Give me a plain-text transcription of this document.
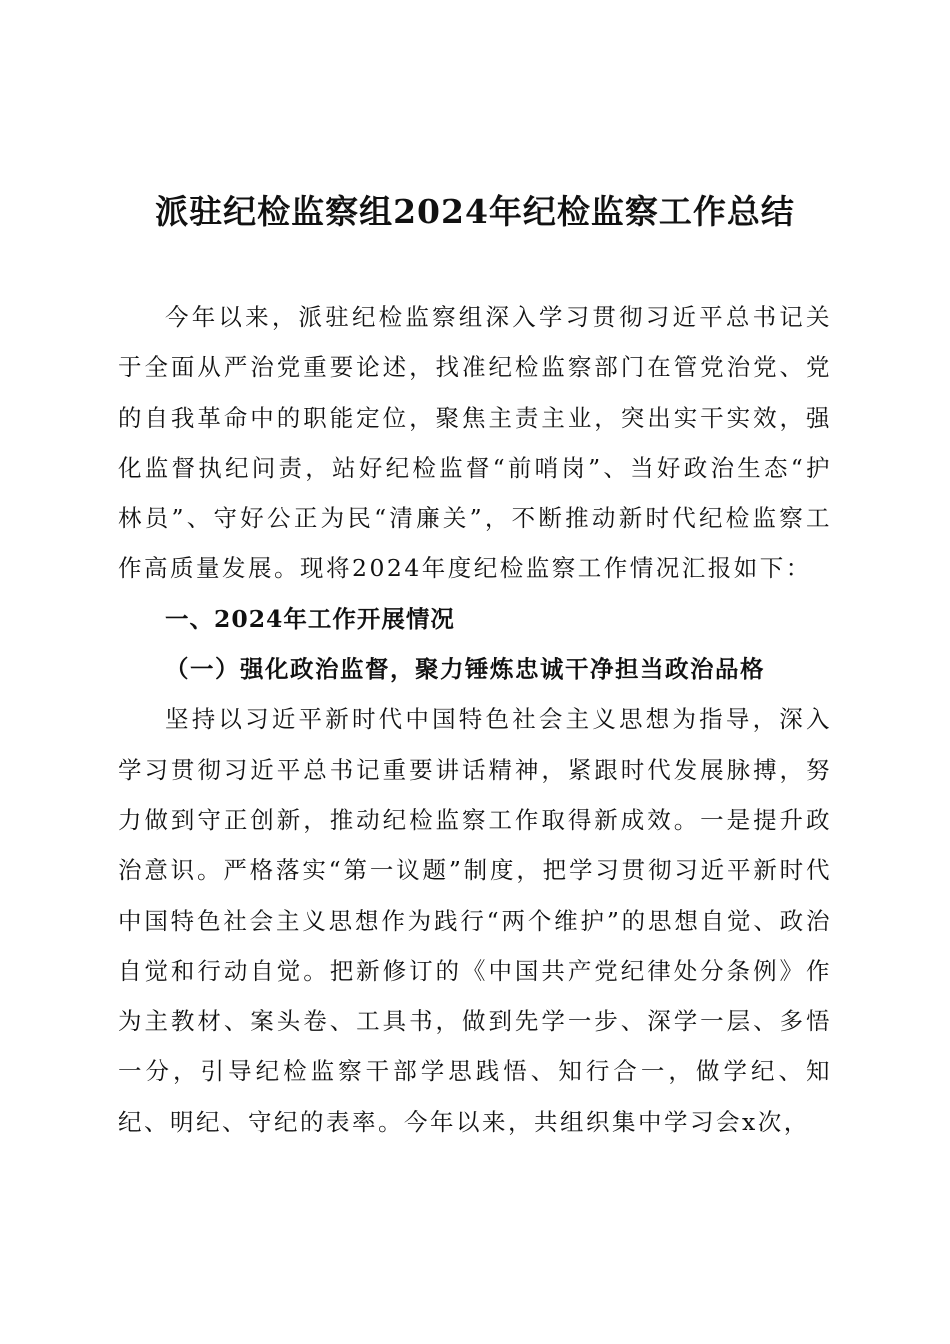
派驻纪检监察组2024年纪检监察工作总结

今年以来，派驻纪检监察组深入学习贯彻习近平总书记关于全面从严治党重要论述，找准纪检监察部门在管党治党、党的自我革命中的职能定位，聚焦主责主业，突出实干实效，强化监督执纪问责，站好纪检监督“前哨岗”、当好政治生态“护林员”、守好公正为民“清廉关”，不断推动新时代纪检监察工作高质量发展。现将2024年度纪检监察工作情况汇报如下：

一、2024年工作开展情况

（一）强化政治监督，聚力锤炼忠诚干净担当政治品格

坚持以习近平新时代中国特色社会主义思想为指导，深入学习贯彻习近平总书记重要讲话精神，紧跟时代发展脉搏，努力做到守正创新，推动纪检监察工作取得新成效。一是提升政治意识。严格落实“第一议题”制度，把学习贯彻习近平新时代中国特色社会主义思想作为践行“两个维护”的思想自觉、政治自觉和行动自觉。把新修订的《中国共产党纪律处分条例》作为主教材、案头卷、工具书，做到先学一步、深学一层、多悟一分，引导纪检监察干部学思践悟、知行合一，做学纪、知纪、明纪、守纪的表率。今年以来，共组织集中学习会x次，
